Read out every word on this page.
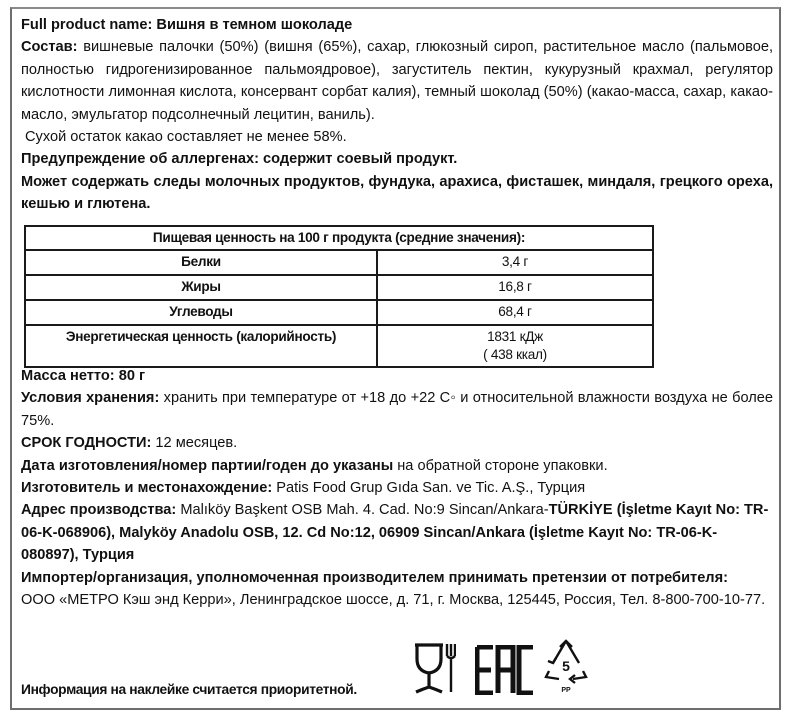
Full product name: Вишня в темном шоколаде

Состав: вишневые палочки (50%) (вишня (65%), сахар, глюкозный сироп, растительное масло (пальмовое, полностью гидрогенизированное пальмоядровое), загуститель пектин, кукурузный крахмал, регулятор кислотности лимонная кислота, консервант сорбат калия), темный шоколад (50%) (какао-масса, сахар, какао-масло, эмульгатор подсолнечный лецитин, ваниль).

Сухой остаток какао составляет не менее 58%.

Предупреждение об аллергенах: содержит соевый продукт.

Может содержать следы молочных продуктов, фундука, арахиса, фисташек, миндаля, грецкого ореха, кешью и глютена.

Пищевая ценность на 100 г продукта (средние значения):	
Белки	3,4 г
Жиры	16,8 г
Углеводы	68,4 г
Энергетическая ценность (калорийность)	1831 кДж
( 438 ккал)

Масса нетто: 80 г

Условия хранения: хранить при температуре от +18 до +22 С◦ и относительной влажности воздуха не более 75%.

СРОК ГОДНОСТИ: 12 месяцев.

Дата изготовления/номер партии/годен до указаны на обратной стороне упаковки.

Изготовитель и местонахождение: Patis Food Grup Gıda San. ve Tic. A.Ş., Турция

Адрес производства: Malıköy Başkent OSB Mah. 4. Cad. No:9 Sincan/Ankara-TÜRKİYE (İşletme Kayıt No: TR-06-K-068906), Malyköy Anadolu OSB, 12. Cd No:12, 06909 Sincan/Ankara (İşletme Kayıt No: TR-06-K-080897), Турция

Импортер/организация, уполномоченная производителем принимать претензии от потребителя:

ООО «МЕТРО Кэш энд Керри», Ленинградское шоссе, д. 71, г. Москва, 125445, Россия, Тел. 8-800-700-10-77.

Информация на наклейке считается приоритетной.
5
PP
